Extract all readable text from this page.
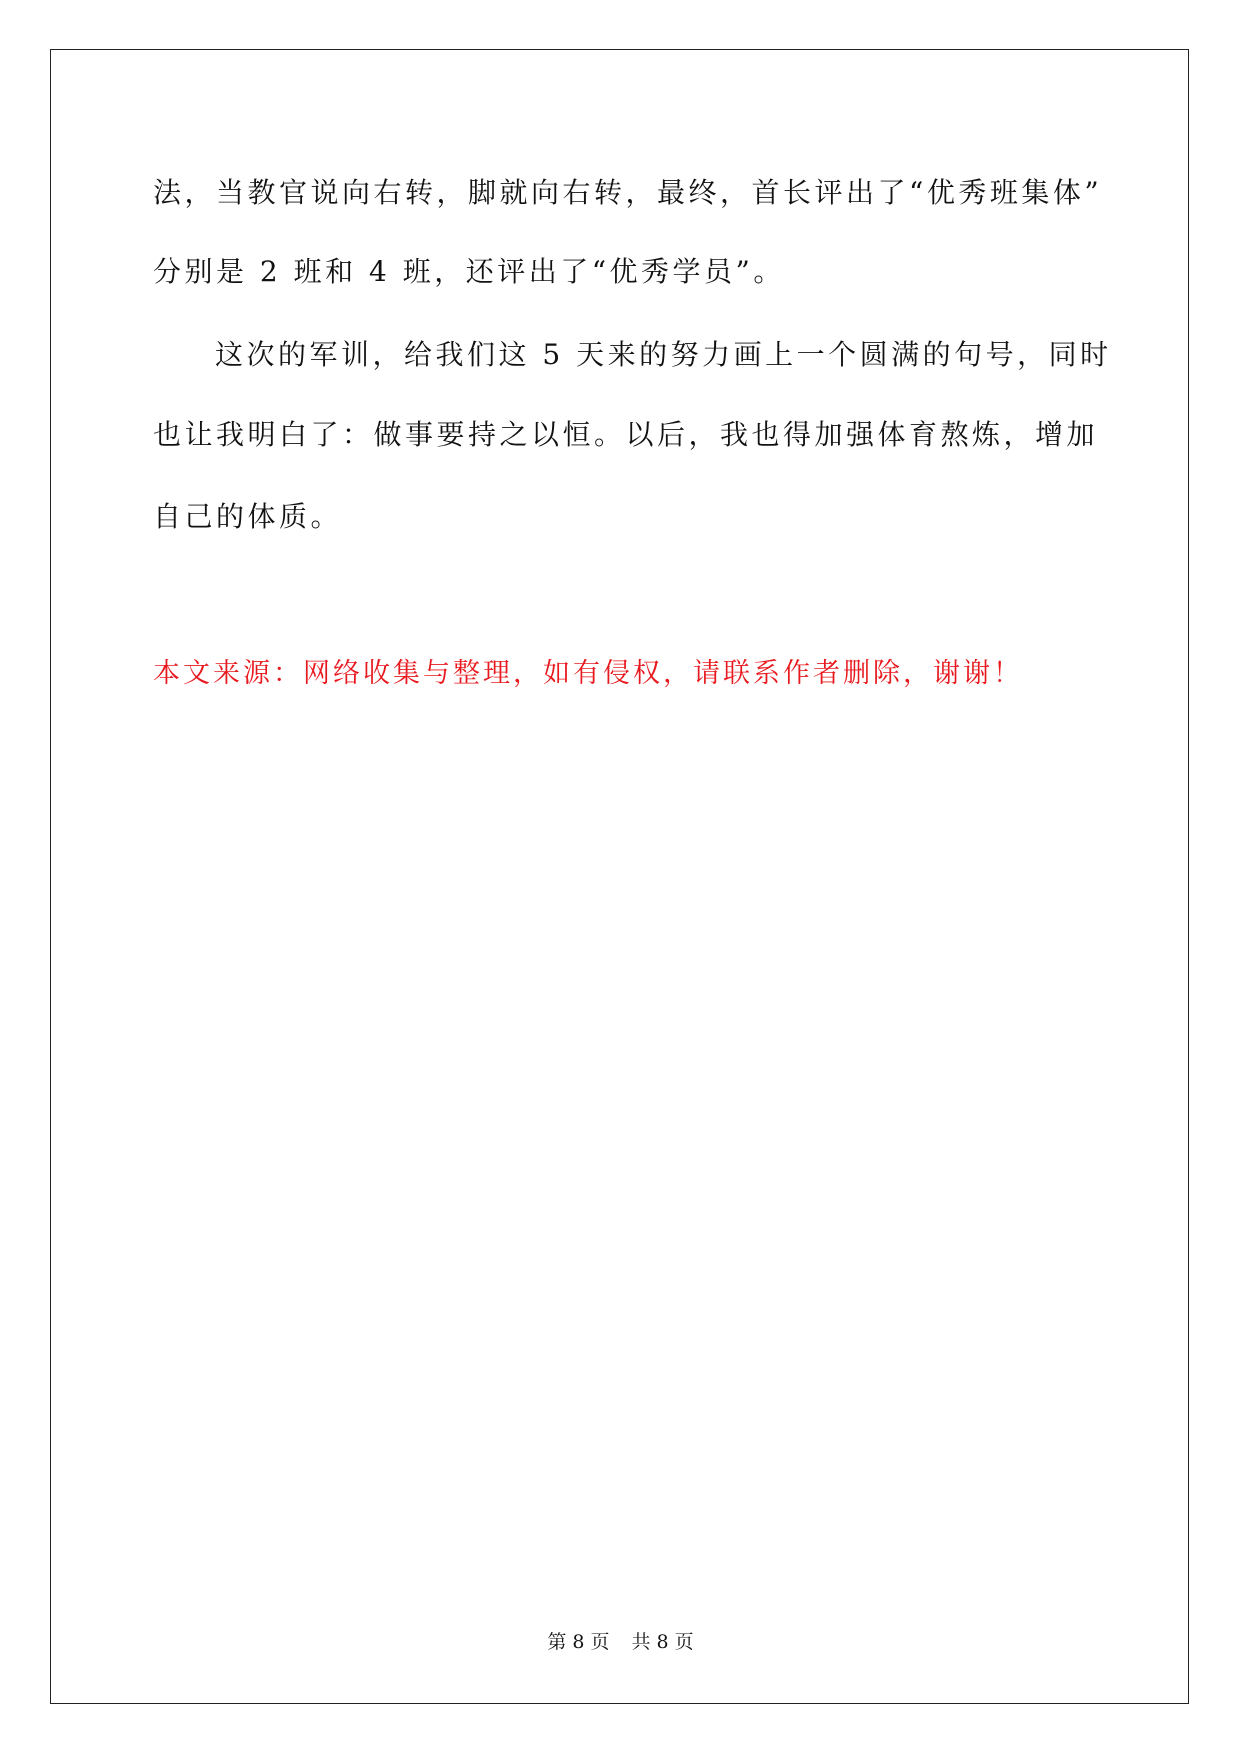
法，当教官说向右转，脚就向右转，最终，首长评出了“优秀班集体”
分别是 2 班和 4 班，还评出了“优秀学员”。
这次的军训，给我们这 5 天来的努力画上一个圆满的句号，同时
也让我明白了：做事要持之以恒。以后，我也得加强体育熬炼，增加
自己的体质。
本文来源：网络收集与整理，如有侵权，请联系作者删除，谢谢！
第 8 页 共 8 页
